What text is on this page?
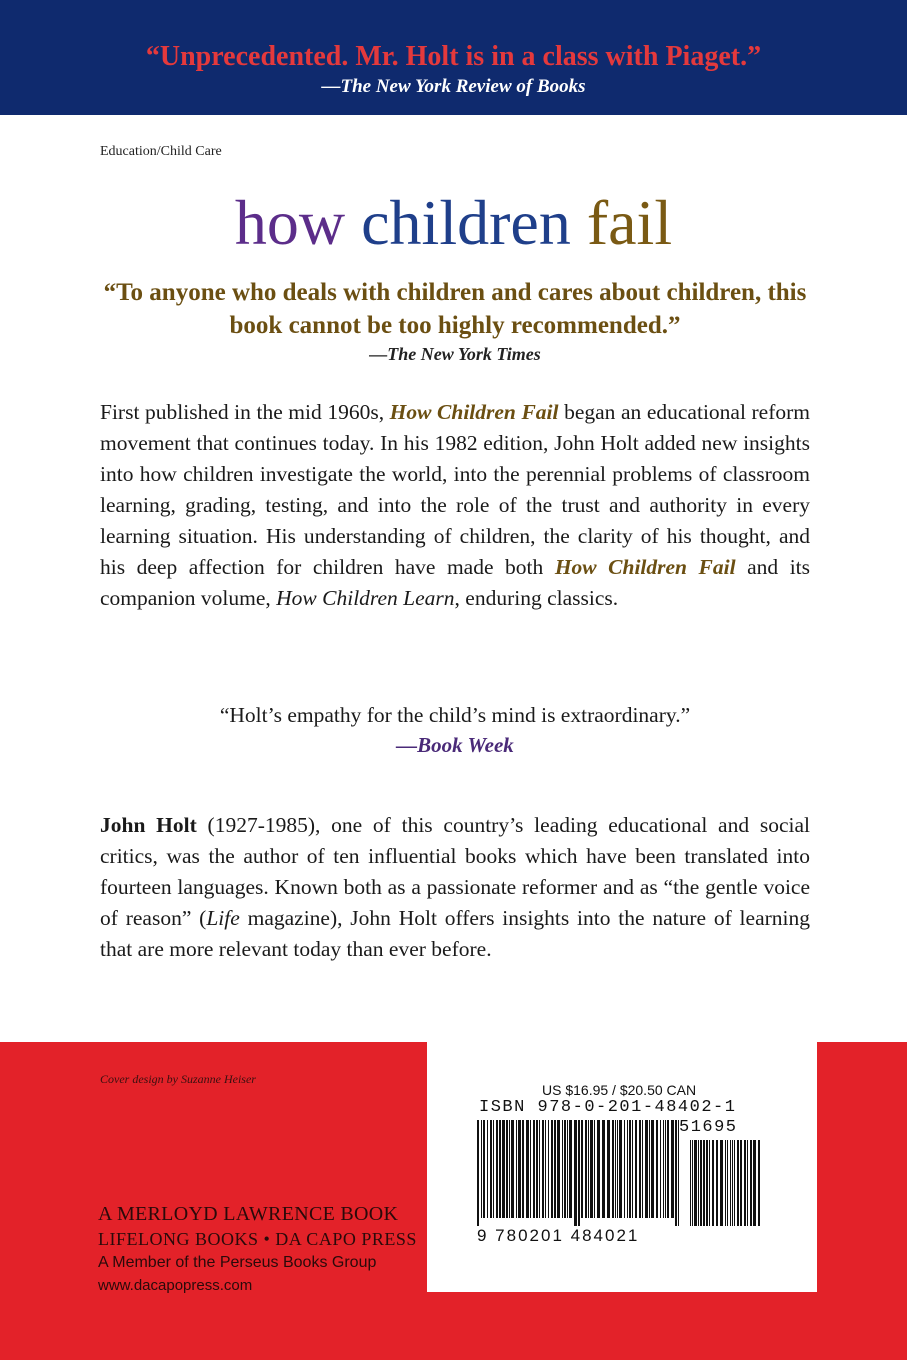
“Unprecedented. Mr. Holt is in a class with Piaget.”
—The New York Review of Books
Education/Child Care
how children fail
“To anyone who deals with children and cares about children, this book cannot be too highly recommended.”
—The New York Times
First published in the mid 1960s, How Children Fail began an educational reform movement that continues today. In his 1982 edition, John Holt added new insights into how children investigate the world, into the perennial problems of classroom learning, grading, testing, and into the role of the trust and authority in every learning situation. His understanding of children, the clarity of his thought, and his deep affection for children have made both How Children Fail and its companion volume, How Children Learn, enduring classics.
“Holt’s empathy for the child’s mind is extraordinary.”
—Book Week
John Holt (1927-1985), one of this country’s leading educational and social critics, was the author of ten influential books which have been translated into fourteen languages. Known both as a passionate reformer and as “the gentle voice of reason” (Life magazine), John Holt offers insights into the nature of learning that are more relevant today than ever before.
Cover design by Suzanne Heiser
A MERLOYD LAWRENCE BOOK
LIFELONG BOOKS • DA CAPO PRESS
A Member of the Perseus Books Group
www.dacapopress.com
US $16.95 / $20.50 CAN
ISBN 978-0-201-48402-1
51695
9 780201 484021
